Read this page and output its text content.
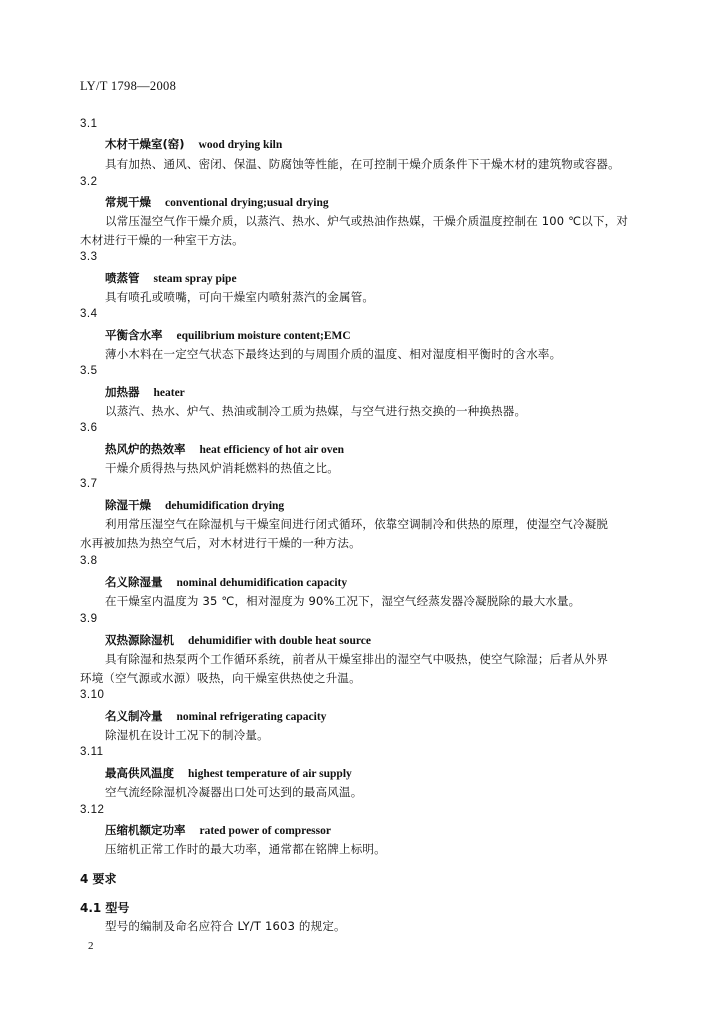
LY/T 1798—2008
3.1
木材干燥室(窑) wood drying kiln
具有加热、通风、密闭、保温、防腐蚀等性能，在可控制干燥介质条件下干燥木材的建筑物或容器。
3.2
常规干燥 conventional drying;usual drying
以常压湿空气作干燥介质，以蒸汽、热水、炉气或热油作热媒，干燥介质温度控制在 100 ℃以下，对
木材进行干燥的一种室干方法。
3.3
喷蒸管 steam spray pipe
具有喷孔或喷嘴，可向干燥室内喷射蒸汽的金属管。
3.4
平衡含水率 equilibrium moisture content;EMC
薄小木料在一定空气状态下最终达到的与周围介质的温度、相对湿度相平衡时的含水率。
3.5
加热器 heater
以蒸汽、热水、炉气、热油或制冷工质为热媒，与空气进行热交换的一种换热器。
3.6
热风炉的热效率 heat efficiency of hot air oven
干燥介质得热与热风炉消耗燃料的热值之比。
3.7
除湿干燥 dehumidification drying
利用常压湿空气在除湿机与干燥室间进行闭式循环，依靠空调制冷和供热的原理，使湿空气冷凝脱
水再被加热为热空气后，对木材进行干燥的一种方法。
3.8
名义除湿量 nominal dehumidification capacity
在干燥室内温度为 35 ℃，相对湿度为 90%工况下，湿空气经蒸发器冷凝脱除的最大水量。
3.9
双热源除湿机 dehumidifier with double heat source
具有除湿和热泵两个工作循环系统，前者从干燥室排出的湿空气中吸热，使空气除湿；后者从外界
环境（空气源或水源）吸热，向干燥室供热使之升温。
3.10
名义制冷量 nominal refrigerating capacity
除湿机在设计工况下的制冷量。
3.11
最高供风温度 highest temperature of air supply
空气流经除湿机冷凝器出口处可达到的最高风温。
3.12
压缩机额定功率 rated power of compressor
压缩机正常工作时的最大功率，通常都在铭牌上标明。
4 要求
4.1 型号
型号的编制及命名应符合 LY/T 1603 的规定。
2
